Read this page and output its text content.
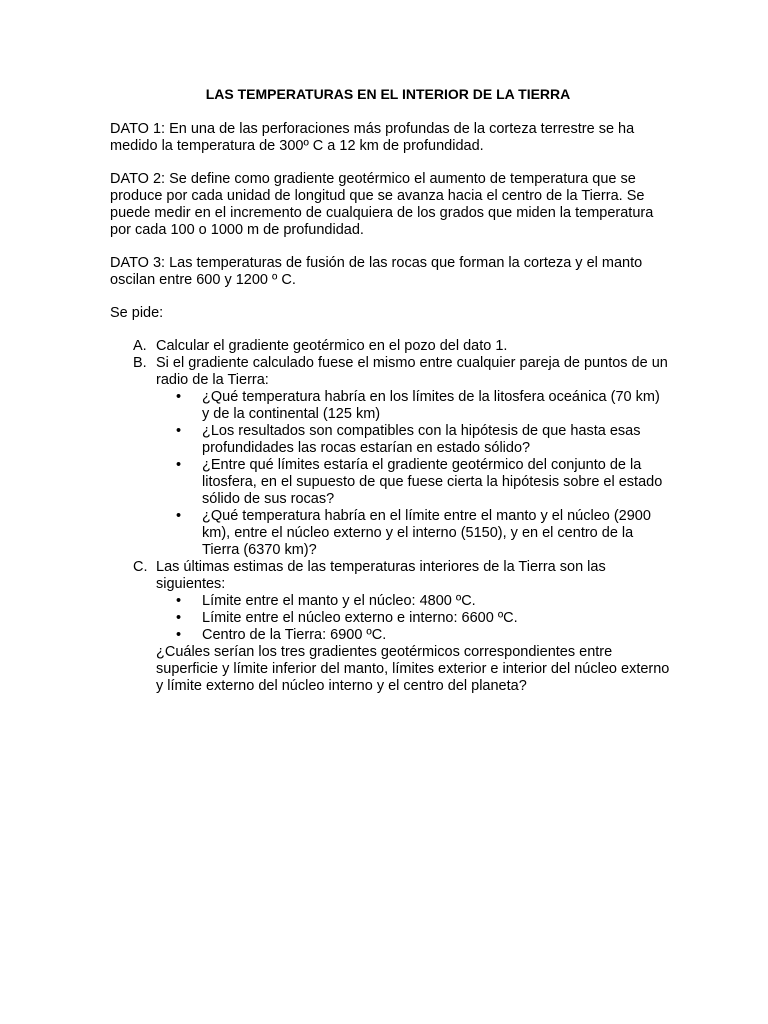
LAS TEMPERATURAS EN EL INTERIOR DE LA TIERRA

DATO 1: En una de las perforaciones más profundas de la corteza terrestre se ha medido la temperatura de 300º C a 12 km de profundidad.

DATO 2: Se define como gradiente geotérmico el aumento de temperatura que se produce por cada unidad de longitud que se avanza hacia el centro de la Tierra. Se puede medir en el incremento de cualquiera de los grados que miden la temperatura por cada 100 o 1000 m de profundidad.

DATO 3: Las temperaturas de fusión de las rocas que forman la corteza y el manto oscilan entre 600 y 1200 º C.

Se pide:
A. Calcular el gradiente geotérmico en el pozo del dato 1.
B. Si el gradiente calculado fuese el mismo entre cualquier pareja de puntos de un radio de la Tierra:
• ¿Qué temperatura habría en los límites de la litosfera oceánica (70 km) y de la continental (125 km)
• ¿Los resultados son compatibles con la hipótesis de que hasta esas profundidades las rocas estarían en estado sólido?
• ¿Entre qué límites estaría el gradiente geotérmico del conjunto de la litosfera, en el supuesto de que fuese cierta la hipótesis sobre el estado sólido de sus rocas?
• ¿Qué temperatura habría en el límite entre el manto y el núcleo (2900 km), entre el núcleo externo y el interno (5150), y en el centro de la Tierra (6370 km)?
C. Las últimas estimas de las temperaturas interiores de la Tierra son las siguientes:
• Límite entre el manto y el núcleo: 4800 ºC.
• Límite entre el núcleo externo e interno: 6600 ºC.
• Centro de la Tierra: 6900 ºC.
¿Cuáles serían los tres gradientes geotérmicos correspondientes entre superficie y límite inferior del manto, límites exterior e interior del núcleo externo y límite externo del núcleo interno y el centro del planeta?
